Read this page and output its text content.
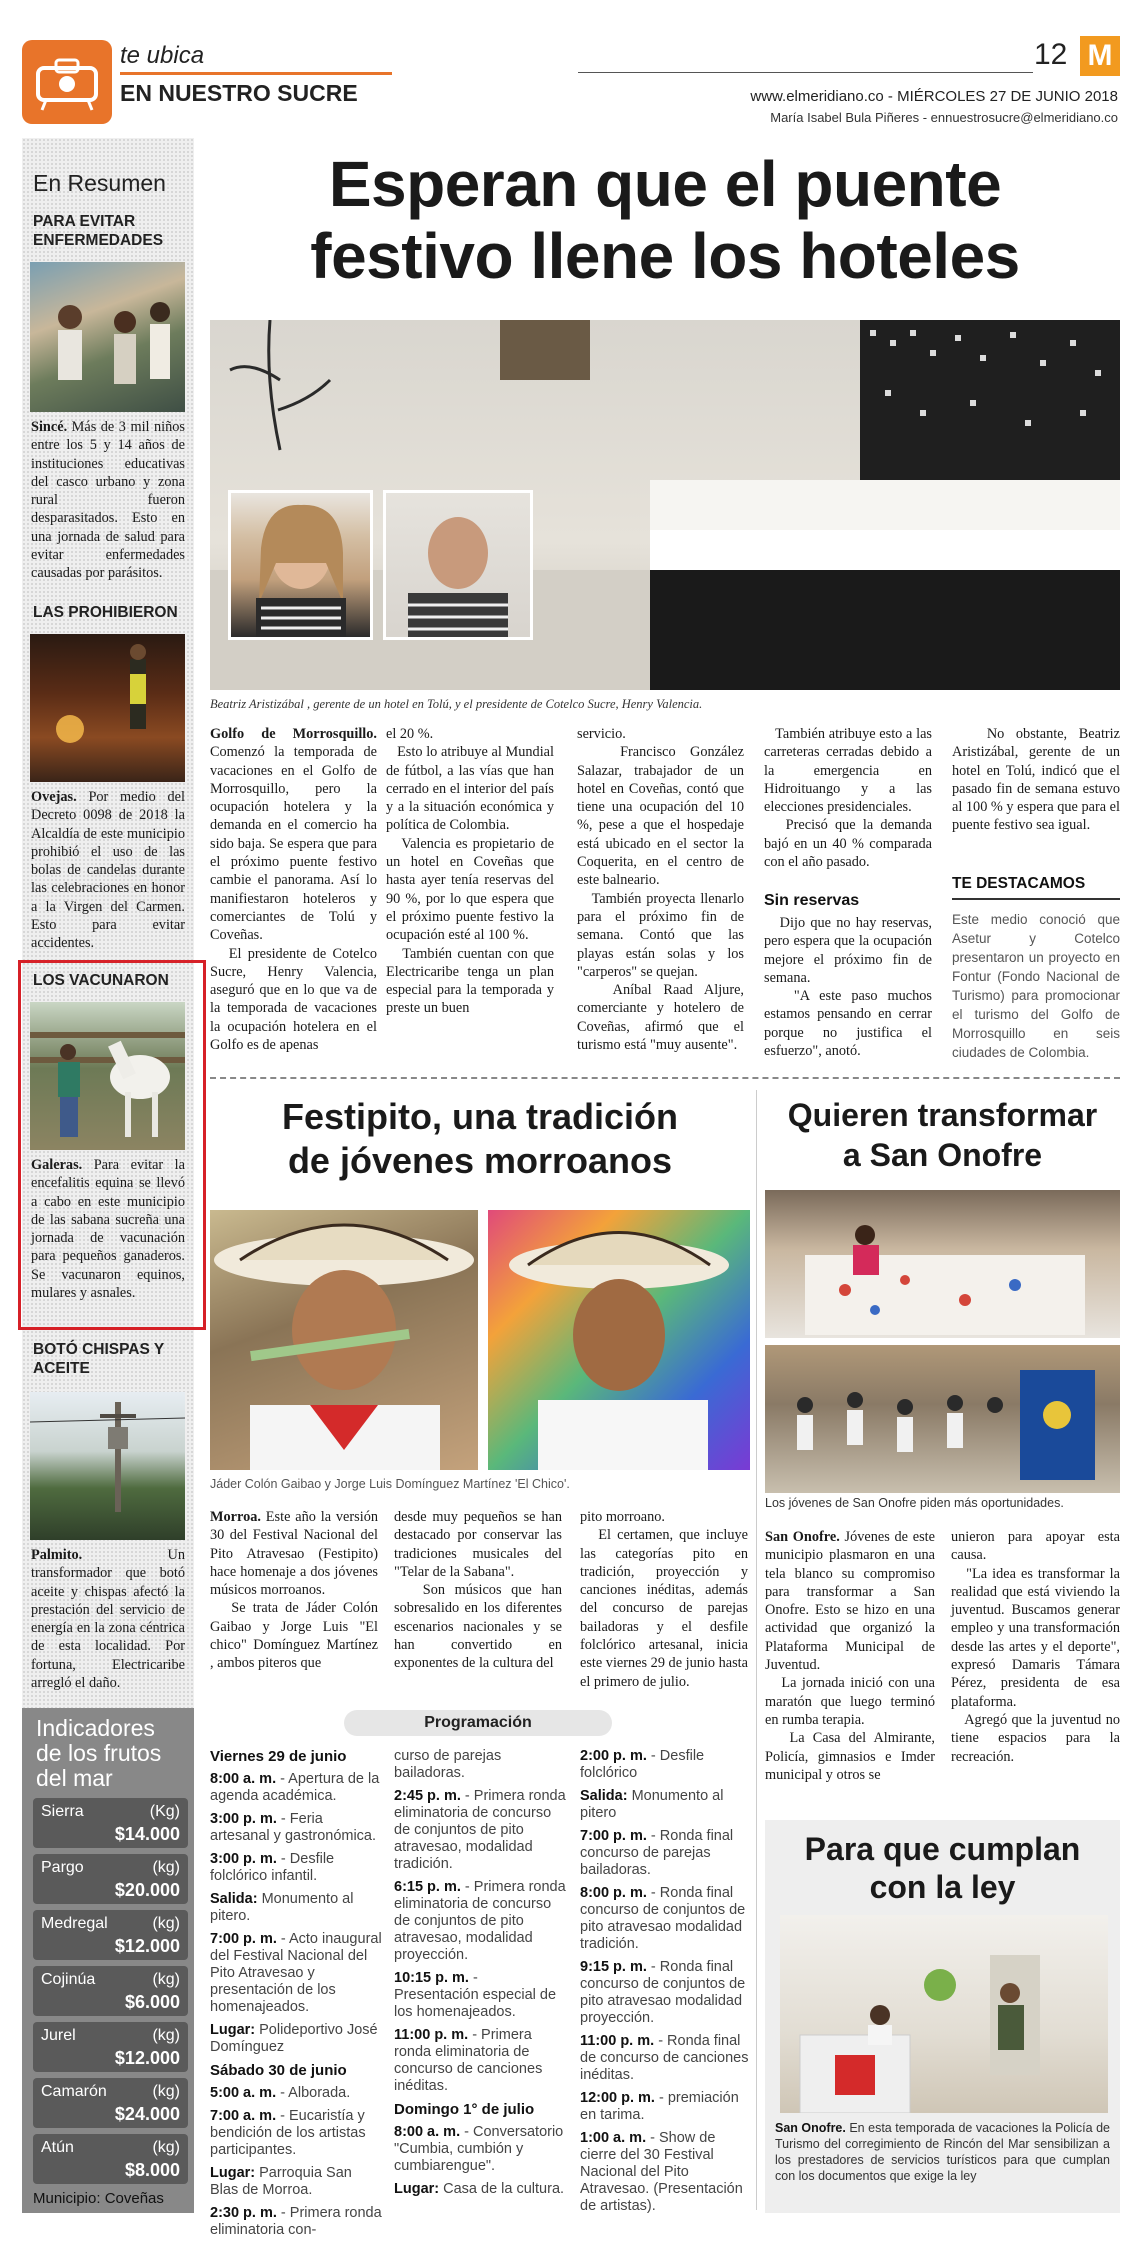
te ubica
EN NUESTRO SUCRE
12 M
www.elmeridiano.co - MIÉRCOLES 27 DE JUNIO 2018
María Isabel Bula Piñeres - ennuestrosucre@elmeridiano.co
En Resumen
PARA EVITAR ENFERMEDADES
Sincé. Más de 3 mil niños entre los 5 y 14 años de instituciones educativas del casco urbano y zona rural fueron desparasitados. Esto en una jornada de salud para evitar enfermedades causadas por parásitos.
LAS PROHIBIERON
Ovejas. Por medio del Decreto 0098 de 2018 la Alcaldía de este municipio prohibió el uso de las bolas de candelas durante las celebraciones en honor a la Virgen del Carmen. Esto para evitar accidentes.
LOS VACUNARON
Galeras. Para evitar la encefalitis equina se llevó a cabo en este municipio de las sabana sucreña una jornada de vacunación para pequeños ganaderos. Se vacunaron equinos, mulares y asnales.
BOTÓ CHISPAS Y ACEITE
Palmito.	Un transformador que botó aceite y chispas afectó la prestación del servicio de energía en la zona céntrica de esta localidad. Por fortuna, Electricaribe arregló el daño.
Indicadores de los frutos del mar
Sierra	(Kg)
$14.000
Pargo	(kg)
$20.000
Medregal	(kg)
$12.000
Cojinúa	(kg)
$6.000
Jurel	(kg)
$12.000
Camarón	(kg)
$24.000
Atún	(kg)
$8.000
Municipio: Coveñas
Esperan que el puente
festivo llene los hoteles
Beatriz Aristizábal , gerente de un hotel en Tolú, y el presidente de Cotelco Sucre, Henry Valencia.
Golfo de Morrosquillo. Comenzó la temporada de vacaciones en el Golfo de Morrosquillo, pero la ocupación hotelera y la demanda en el comercio ha sido baja. Se espera que para el próximo puente festivo cambie el panorama. Así lo manifiestaron hoteleros y comerciantes de Tolú y Coveñas.
El presidente de Cotelco Sucre, Henry Valencia, aseguró que en lo que va de la temporada de vacaciones la ocupación hotelera en el Golfo es de apenas
el 20 %.
Esto lo atribuye al Mundial de fútbol, a las vías que han cerrado en el interior del país y a la situación económica y política de Colombia.
Valencia es propietario de un hotel en Coveñas que hasta ayer tenía reservas del 90 %, por lo que espera que el próximo puente festivo la ocupación esté al 100 %.
También cuentan con que Electricaribe tenga un plan especial para la temporada y preste un buen
servicio.
Francisco González Salazar, trabajador de un hotel en Coveñas, contó que tiene una ocupación del 10 %, pese a que el hospedaje está ubicado en el sector la Coquerita, en el centro de este balneario.
También proyecta llenarlo para el próximo fin de semana. Contó que las playas están solas y los "carperos" se quejan.
Aníbal Raad Aljure, comerciante y hotelero de Coveñas, afirmó que el turismo está "muy ausente".
También atribuye esto a las carreteras cerradas debido a la emergencia en Hidroituango y a las elecciones presidenciales.
Precisó que la demanda bajó en un 40 % comparada con el año pasado.
Sin reservas
Dijo que no hay reservas, pero espera que la ocupación mejore el próximo fin de semana.
"A este paso muchos estamos pensando en cerrar porque no justifica el esfuerzo", anotó.
No obstante, Beatriz Aristizábal, gerente de un hotel en Tolú, indicó que el pasado fin de semana estuvo al 100 % y espera que para el puente festivo sea igual.
TE DESTACAMOS
Este medio conoció que Asetur y Cotelco presentaron un proyecto en Fontur (Fondo Nacional de Turismo) para promocionar el turismo del Golfo de Morrosquillo en seis ciudades de Colombia.
Festipito, una tradición
de jóvenes morroanos
Jáder Colón Gaibao y Jorge Luis Domínguez Martínez 'El Chico'.
Morroa. Este año la versión 30 del Festival Nacional del Pito Atravesao (Festipito) hace homenaje a dos jóvenes músicos morroanos.
Se trata de Jáder Colón Gaibao y Jorge Luis "El chico" Domínguez Martínez , ambos piteros que
desde muy pequeños se han destacado por conservar las tradiciones musicales del "Telar de la Sabana".
Son músicos que han sobresalido en los diferentes escenarios nacionales y se han convertido en exponentes de la cultura del
pito morroano.
El certamen, que incluye las categorías pito en tradición, proyección y canciones inéditas, además del concurso de parejas bailadoras y el desfile folclórico artesanal, inicia este viernes 29 de junio hasta el primero de julio.
Programación
Viernes 29 de junio
8:00 a. m. - Apertura de la agenda académica.
3:00 p. m. - Feria artesanal y gastronómica.
3:00 p. m. - Desfile folclórico infantil.
Salida: Monumento al pitero.
7:00 p. m. - Acto inaugural del Festival Nacional del Pito Atravesao y presentación de los homenajeados.
Lugar: Polideportivo José Domínguez
Sábado 30 de junio
5:00 a. m. - Alborada.
7:00 a. m. - Eucaristía y bendición de los artistas participantes.
Lugar: Parroquia San Blas de Morroa.
2:30 p. m. - Primera ronda eliminatoria con-
curso de parejas bailadoras.
2:45 p. m. - Primera ronda eliminatoria de concurso de conjuntos de pito atravesao, modalidad tradición.
6:15 p. m. - Primera ronda eliminatoria de concurso de conjuntos de pito atravesao, modalidad proyección.
10:15 p. m. - Presentación especial de los homenajeados.
11:00 p. m. - Primera ronda eliminatoria de concurso de canciones inéditas.
Domingo 1° de julio
8:00 a. m. - Conversatorio "Cumbia, cumbión y cumbiarengue".
Lugar: Casa de la cultura.
2:00 p. m. - Desfile folclórico
Salida: Monumento al pitero
7:00 p. m. - Ronda final concurso de parejas bailadoras.
8:00 p. m. - Ronda final concurso de conjuntos de pito atravesao modalidad tradición.
9:15 p. m. - Ronda final concurso de conjuntos de pito atravesao modalidad proyección.
11:00 p. m. - Ronda final de concurso de canciones inéditas.
12:00 p. m. - premiación en tarima.
1:00 a. m. - Show de cierre del 30 Festival Nacional del Pito Atravesao. (Presentación de artistas).
Quieren transformar
a San Onofre
Los jóvenes de San Onofre piden más oportunidades.
San Onofre. Jóvenes de este municipio plasmaron en una tela blanco su compromiso para transformar a San Onofre. Esto se hizo en una actividad que organizó la Plataforma Municipal de Juventud.
La jornada inició con una maratón que luego terminó en rumba terapia.
La Casa del Almirante, Policía, gimnasios e Imder municipal y otros se
unieron para apoyar esta causa.
"La idea es transformar la realidad que está viviendo la juventud. Buscamos generar empleo y una transformación desde las artes y el deporte", expresó Damaris Támara Pérez, presidenta de esa plataforma.
Agregó que la juventud no tiene espacios para la recreación.
Para que cumplan
con la ley
San Onofre. En esta temporada de vacaciones la Policía de Turismo del corregimiento de Rincón del Mar sensibilizan a los prestadores de servicios turísticos para que cumplan con los documentos que exige la ley
